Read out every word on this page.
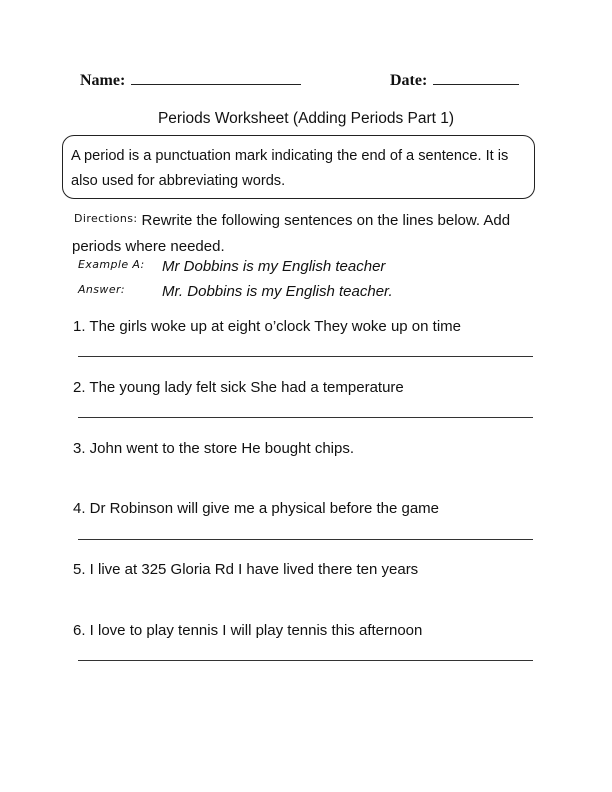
Name:	Date:
Periods Worksheet (Adding Periods Part 1)
A period is a punctuation mark indicating the end of a sentence. It is also used for abbreviating words.
Directions: Rewrite the following sentences on the lines below. Add periods where needed.
Example A: Mr Dobbins is my English teacher
Answer: Mr. Dobbins is my English teacher.
1. The girls woke up at eight o’clock They woke up on time
2. The young lady felt sick She had a temperature
3. John went to the store He bought chips.
4. Dr Robinson will give me a physical before the game
5. I live at 325 Gloria Rd I have lived there ten years
6. I love to play tennis I will play tennis this afternoon
